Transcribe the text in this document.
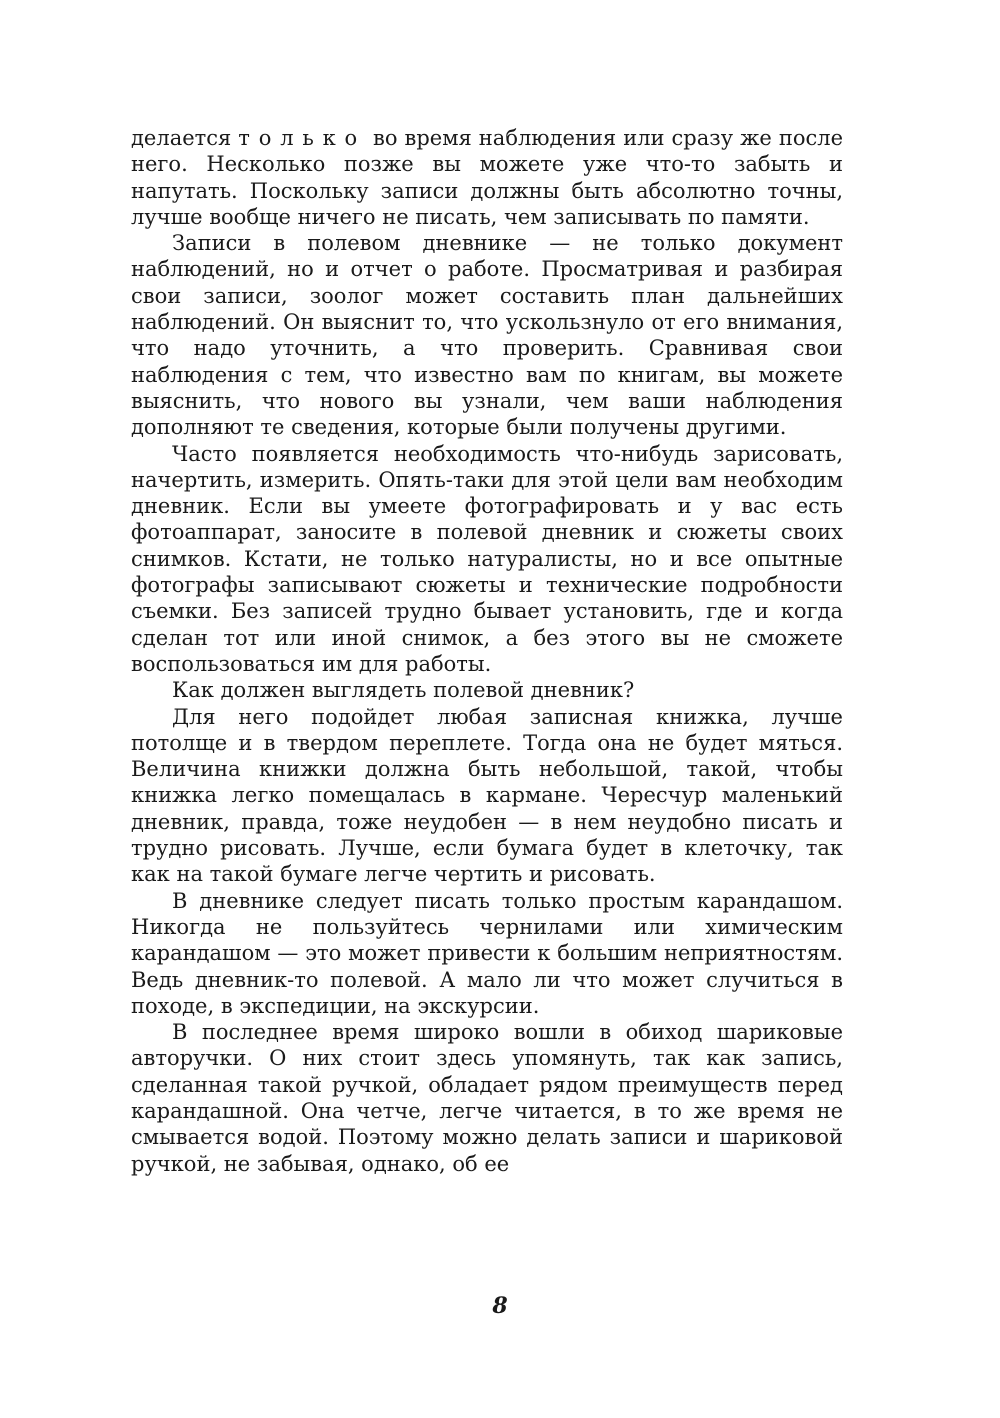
делается только во время наблюдения или сразу же после него. Несколько позже вы можете уже что-то забыть и напутать. Поскольку записи должны быть абсолютно точны, лучше вообще ничего не писать, чем записывать по памяти.

Записи в полевом дневнике — не только документ наблюдений, но и отчет о работе. Просматривая и разбирая свои записи, зоолог может составить план дальнейших наблюдений. Он выяснит то, что ускользнуло от его внимания, что надо уточнить, а что проверить. Сравнивая свои наблюдения с тем, что известно вам по книгам, вы можете выяснить, что нового вы узнали, чем ваши наблюдения дополняют те сведения, которые были получены другими.

Часто появляется необходимость что-нибудь зарисовать, начертить, измерить. Опять-таки для этой цели вам необходим дневник. Если вы умеете фотографировать и у вас есть фотоаппарат, заносите в полевой дневник и сюжеты своих снимков. Кстати, не только натуралисты, но и все опытные фотографы записывают сюжеты и технические подробности съемки. Без записей трудно бывает установить, где и когда сделан тот или иной снимок, а без этого вы не сможете воспользоваться им для работы.

Как должен выглядеть полевой дневник?

Для него подойдет любая записная книжка, лучше потолще и в твердом переплете. Тогда она не будет мяться. Величина книжки должна быть небольшой, такой, чтобы книжка легко помещалась в кармане. Чересчур маленький дневник, правда, тоже неудобен — в нем неудобно писать и трудно рисовать. Лучше, если бумага будет в клеточку, так как на такой бумаге легче чертить и рисовать.

В дневнике следует писать только простым карандашом. Никогда не пользуйтесь чернилами или химическим карандашом — это может привести к большим неприятностям. Ведь дневник-то полевой. А мало ли что может случиться в походе, в экспедиции, на экскурсии.

В последнее время широко вошли в обиход шариковые авторучки. О них стоит здесь упомянуть, так как запись, сделанная такой ручкой, обладает рядом преимуществ перед карандашной. Она четче, легче читается, в то же время не смывается водой. Поэтому можно делать записи и шариковой ручкой, не забывая, однако, об ее

8
